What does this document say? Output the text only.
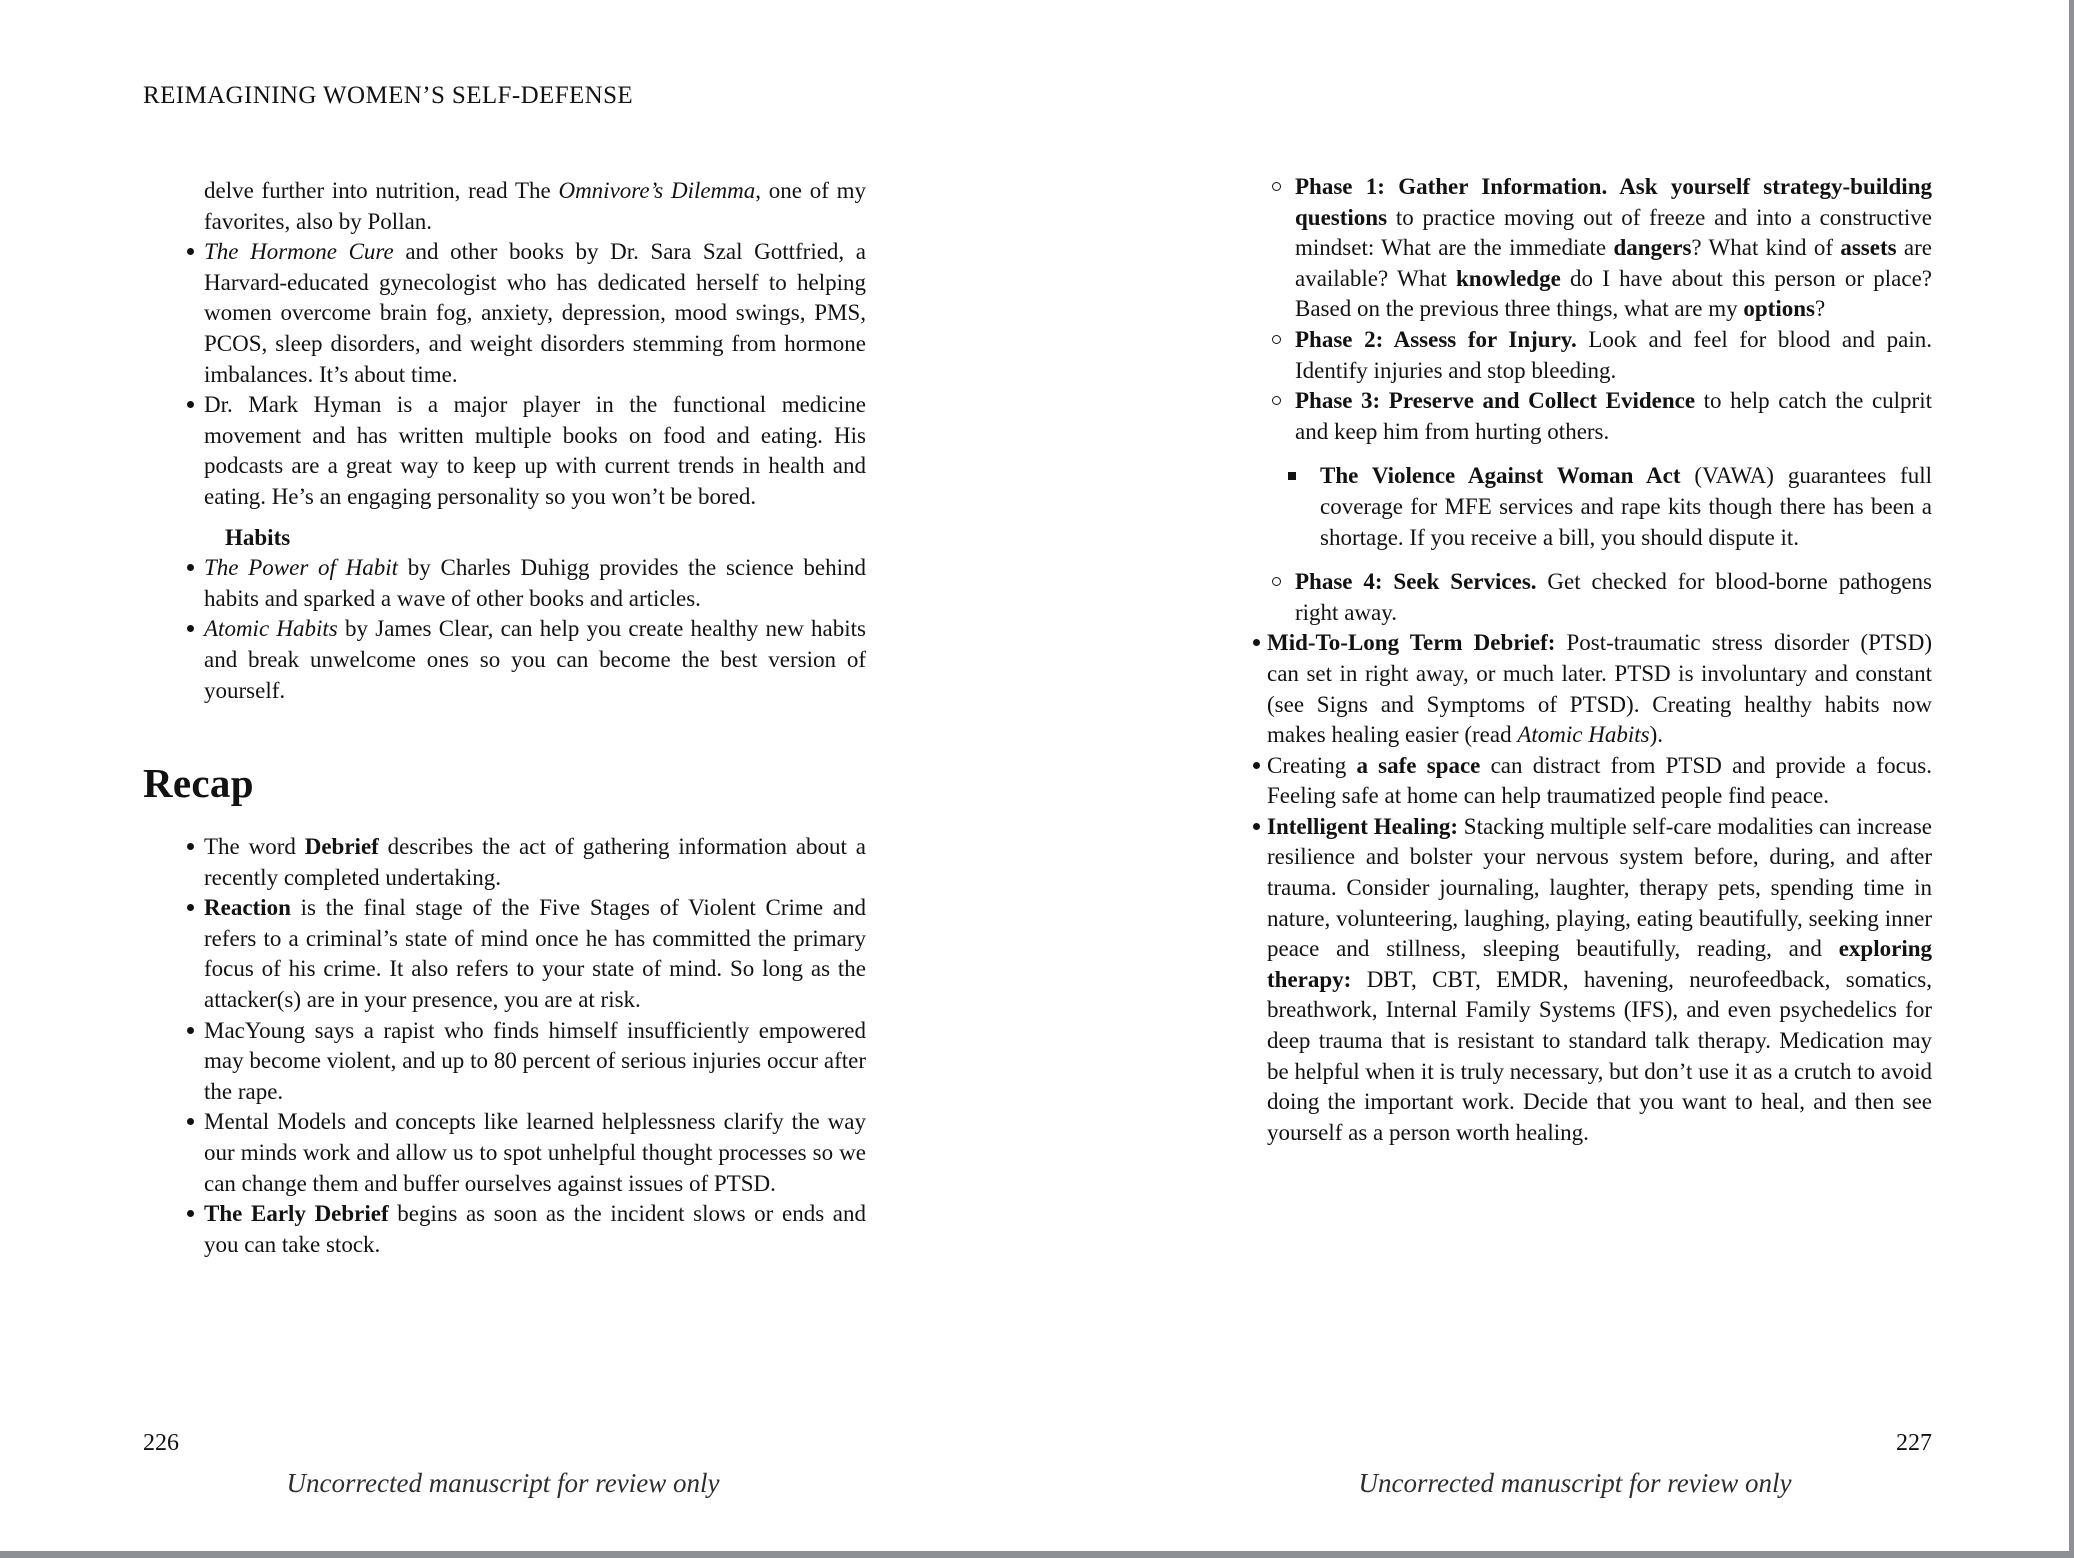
REIMAGINING WOMEN’S SELF-DEFENSE
delve further into nutrition, read The Omnivore’s Dilemma, one of my favorites, also by Pollan.
The Hormone Cure and other books by Dr. Sara Szal Gottfried, a Harvard-educated gynecologist who has dedicated herself to helping women overcome brain fog, anxiety, depression, mood swings, PMS, PCOS, sleep disorders, and weight disorders stemming from hormone imbalances. It’s about time.
Dr. Mark Hyman is a major player in the functional medicine movement and has written multiple books on food and eating. His podcasts are a great way to keep up with current trends in health and eating. He’s an engaging personality so you won’t be bored.
Habits
The Power of Habit by Charles Duhigg provides the science behind habits and sparked a wave of other books and articles.
Atomic Habits by James Clear, can help you create healthy new habits and break unwelcome ones so you can become the best version of yourself.
Recap
The word Debrief describes the act of gathering information about a recently completed undertaking.
Reaction is the final stage of the Five Stages of Violent Crime and refers to a criminal’s state of mind once he has committed the primary focus of his crime. It also refers to your state of mind. So long as the attacker(s) are in your presence, you are at risk.
MacYoung says a rapist who finds himself insufficiently empowered may become violent, and up to 80 percent of serious injuries occur after the rape.
Mental Models and concepts like learned helplessness clarify the way our minds work and allow us to spot unhelpful thought processes so we can change them and buffer ourselves against issues of PTSD.
The Early Debrief begins as soon as the incident slows or ends and you can take stock.
Phase 1: Gather Information. Ask yourself strategy-building questions to practice moving out of freeze and into a constructive mindset: What are the immediate dangers? What kind of assets are available? What knowledge do I have about this person or place? Based on the previous three things, what are my options?
Phase 2: Assess for Injury. Look and feel for blood and pain. Identify injuries and stop bleeding.
Phase 3: Preserve and Collect Evidence to help catch the culprit and keep him from hurting others.
The Violence Against Woman Act (VAWA) guarantees full coverage for MFE services and rape kits though there has been a shortage. If you receive a bill, you should dispute it.
Phase 4: Seek Services. Get checked for blood-borne pathogens right away.
Mid-To-Long Term Debrief: Post-traumatic stress disorder (PTSD) can set in right away, or much later. PTSD is involuntary and constant (see Signs and Symptoms of PTSD). Creating healthy habits now makes healing easier (read Atomic Habits).
Creating a safe space can distract from PTSD and provide a focus. Feeling safe at home can help traumatized people find peace.
Intelligent Healing: Stacking multiple self-care modalities can increase resilience and bolster your nervous system before, during, and after trauma. Consider journaling, laughter, therapy pets, spending time in nature, volunteering, laughing, playing, eating beautifully, seeking inner peace and stillness, sleeping beautifully, reading, and exploring therapy: DBT, CBT, EMDR, havening, neurofeedback, somatics, breathwork, Internal Family Systems (IFS), and even psychedelics for deep trauma that is resistant to standard talk therapy. Medication may be helpful when it is truly necessary, but don’t use it as a crutch to avoid doing the important work. Decide that you want to heal, and then see yourself as a person worth healing.
226	227
Uncorrected manuscript for review only	Uncorrected manuscript for review only
